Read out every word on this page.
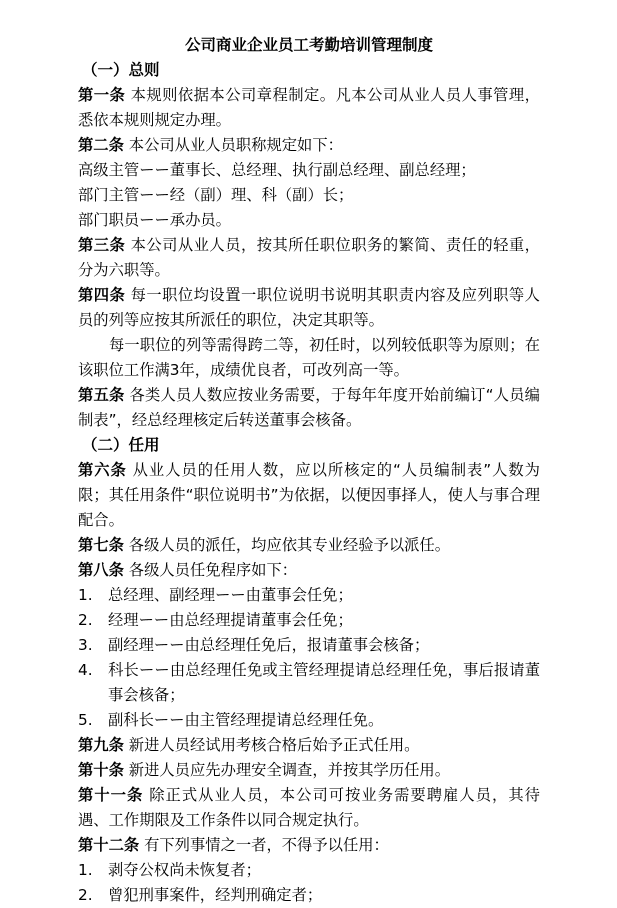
公司商业企业员工考勤培训管理制度

（一）总则

第一条 本规则依据本公司章程制定。凡本公司从业人员人事管理，悉依本规则规定办理。

第二条 本公司从业人员职称规定如下：

高级主管ーー董事长、总经理、执行副总经理、副总经理；

部门主管ーー经（副）理、科（副）长；

部门职员ーー承办员。

第三条 本公司从业人员，按其所任职位职务的繁简、责任的轻重，分为六职等。

第四条 每一职位均设置一职位说明书说明其职责内容及应列职等人员的列等应按其所派任的职位，决定其职等。

每一职位的列等需得跨二等，初任时，以列较低职等为原则；在该职位工作满3年，成绩优良者，可改列高一等。

第五条 各类人员人数应按业务需要，于每年年度开始前编订“人员编制表”，经总经理核定后转送董事会核备。

（二）任用

第六条 从业人员的任用人数，应以所核定的“人员编制表”人数为限；其任用条件“职位说明书”为依据，以便因事择人，使人与事合理配合。

第七条 各级人员的派任，均应依其专业经验予以派任。

第八条 各级人员任免程序如下：

1. 总经理、副经理ーー由董事会任免；
2. 经理ーー由总经理提请董事会任免；
3. 副经理ーー由总经理任免后，报请董事会核备；
4. 科长ーー由总经理任免或主管经理提请总经理任免，事后报请董事会核备；
5. 副科长ーー由主管经理提请总经理任免。

第九条 新进人员经试用考核合格后始予正式任用。

第十条 新进人员应先办理安全调查，并按其学历任用。

第十一条 除正式从业人员，本公司可按业务需要聘雇人员，其待遇、工作期限及工作条件以同合规定执行。

第十二条 有下列事情之一者，不得予以任用：

1. 剥夺公权尚未恢复者；
2. 曾犯刑事案件，经判刑确定者；
